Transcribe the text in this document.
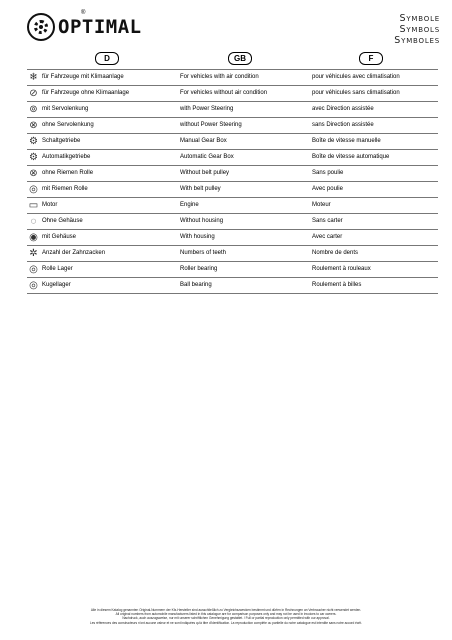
OPTIMAL
®	Symbole
Symbols
Symboles
D	GB	F
❄ für Fahrzeuge mit Klimaanlage	For vehicles with air condition	pour véhicules avec climatisation
⊘ für Fahrzeuge ohne Klimaanlage	For vehicles without air condition	pour véhicules sans climatisation
⊚ mit Servolenkung	with Power Steering	avec Direction assistée
⊗ ohne Servolenkung	without Power Steering	sans Direction assistée
⚙ Schaltgetriebe	Manual Gear Box	Boîte de vitesse manuelle
⚙ Automatikgetriebe	Automatic Gear Box	Boîte de vitesse automatique
⊗ ohne Riemen Rolle	Without belt pulley	Sans poulie
◎ mit Riemen Rolle	With belt pulley	Avec poulie
▭ Motor	Engine	Moteur
◌ Ohne Gehäuse	Without housing	Sans carter
◉ mit Gehäuse	With housing	Avec carter
✲ Anzahl der Zahnzacken	Numbers of teeth	Nombre de dents
◎ Rolle Lager	Roller bearing	Roulement à rouleaux
◎ Kugellager	Ball bearing	Roulement à billes
Alle in diesem Katalog genannten Original-Nummern der Kfz-Hersteller sind ausschließlich zu Vergleichszwecken bestimmt und dürfen in Rechnungen an Verbraucher nicht verwendet werden.
All original numbers from automobile manufacturers listed in this catalogue are for comparison purposes only and may not be used in invoices to car owners.
Nachdruck, auch auszugsweise, nur mit unserer schriftlichen Genehmigung gestattet. / Full or partial reproduction only permitted with our approval.
Les références des constructeurs n'ont aucune valeur et ne sont indiquées qu'à titre d'identification. La reproduction complète ou partielle du notre catalogue est interdite sans notre accord écrit.
